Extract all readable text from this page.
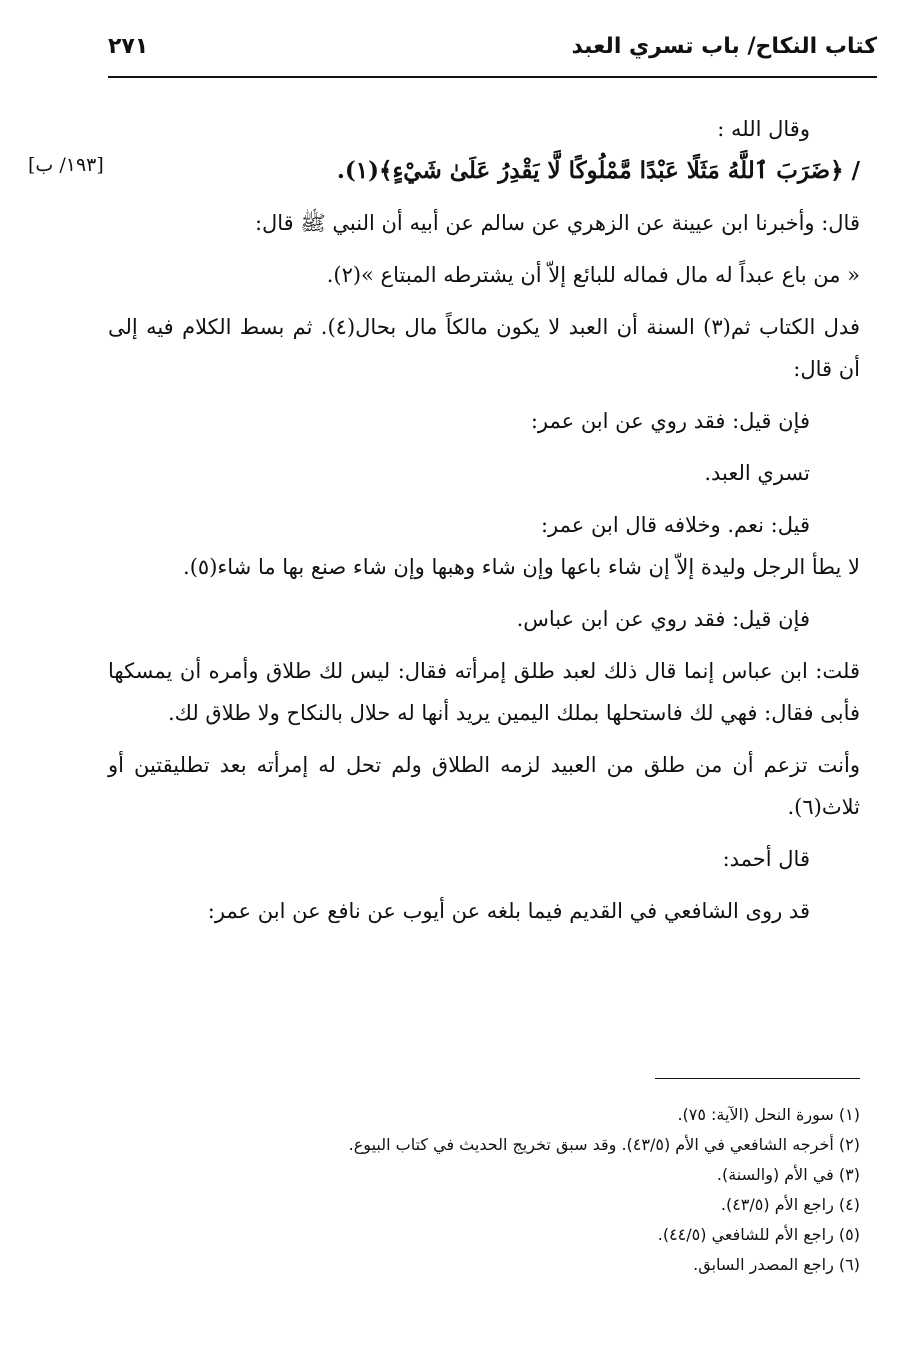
كتاب النكاح/ باب تسري العبد
٢٧١
[١٩٣/ ب]

وقال الله :

/ ﴿ضَرَبَ ٱللَّهُ مَثَلًا عَبْدًا مَّمْلُوكًا لَّا يَقْدِرُ عَلَىٰ شَيْءٍ﴾(١).

قال: وأخبرنا ابن عيينة عن الزهري عن سالم عن أبيه أن النبي ﷺ قال:

« من باع عبداً له مال فماله للبائع إلاّ أن يشترطه المبتاع »(٢).

فدل الكتاب ثم(٣) السنة أن العبد لا يكون مالكاً مال بحال(٤). ثم بسط الكلام فيه إلى أن قال:

فإن قيل: فقد روي عن ابن عمر:

تسري العبد.

قيل: نعم. وخلافه قال ابن عمر:

لا يطأ الرجل وليدة إلاّ إن شاء باعها وإن شاء وهبها وإن شاء صنع بها ما شاء(٥).

فإن قيل: فقد روي عن ابن عباس.

قلت: ابن عباس إنما قال ذلك لعبد طلق إمرأته فقال: ليس لك طلاق وأمره أن يمسكها فأبى فقال: فهي لك فاستحلها بملك اليمين يريد أنها له حلال بالنكاح ولا طلاق لك.

وأنت تزعم أن من طلق من العبيد لزمه الطلاق ولم تحل له إمرأته بعد تطليقتين أو ثلاث(٦).

قال أحمد:

قد روى الشافعي في القديم فيما بلغه عن أيوب عن نافع عن ابن عمر:

(١) سورة النحل (الآية: ٧٥).

(٢) أخرجه الشافعي في الأم (٤٣/٥). وقد سبق تخريج الحديث في كتاب البيوع.

(٣) في الأم (والسنة).

(٤) راجع الأم (٤٣/٥).

(٥) راجع الأم للشافعي (٤٤/٥).

(٦) راجع المصدر السابق.
